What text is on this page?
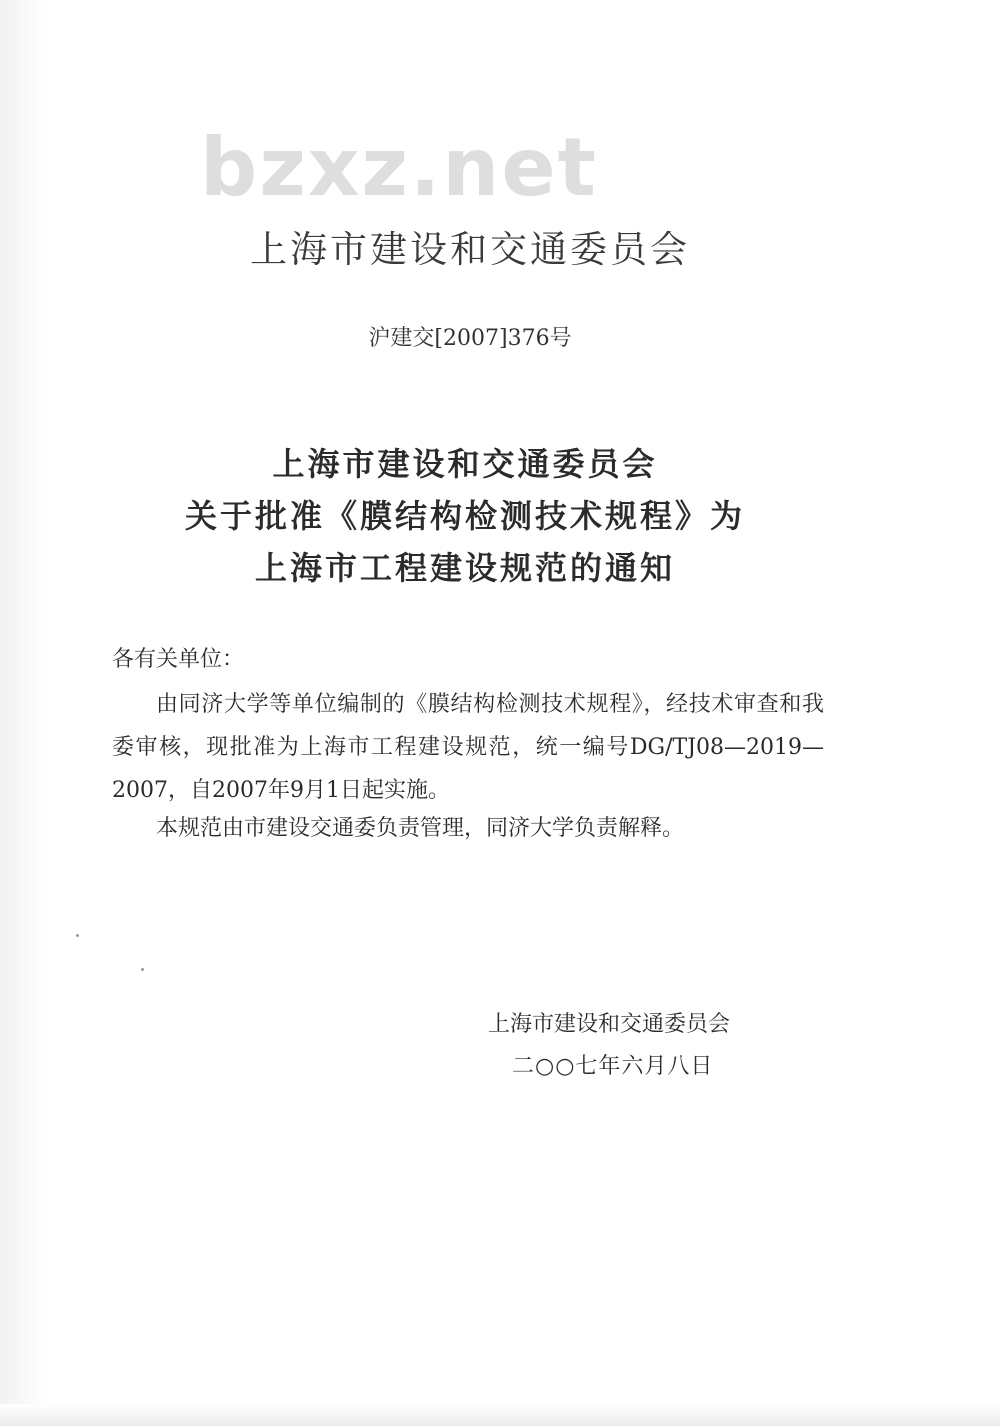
bzxz.net
上海市建设和交通委员会
沪建交[2007]376号
上海市建设和交通委员会
关于批准《膜结构检测技术规程》为
上海市工程建设规范的通知
各有关单位：
由同济大学等单位编制的《膜结构检测技术规程》，经技术审查和我委审核，现批准为上海市工程建设规范，统一编号DG/TJ08—2019—2007，自2007年9月1日起实施。
本规范由市建设交通委负责管理，同济大学负责解释。
上海市建设和交通委员会
二○○七年六月八日
